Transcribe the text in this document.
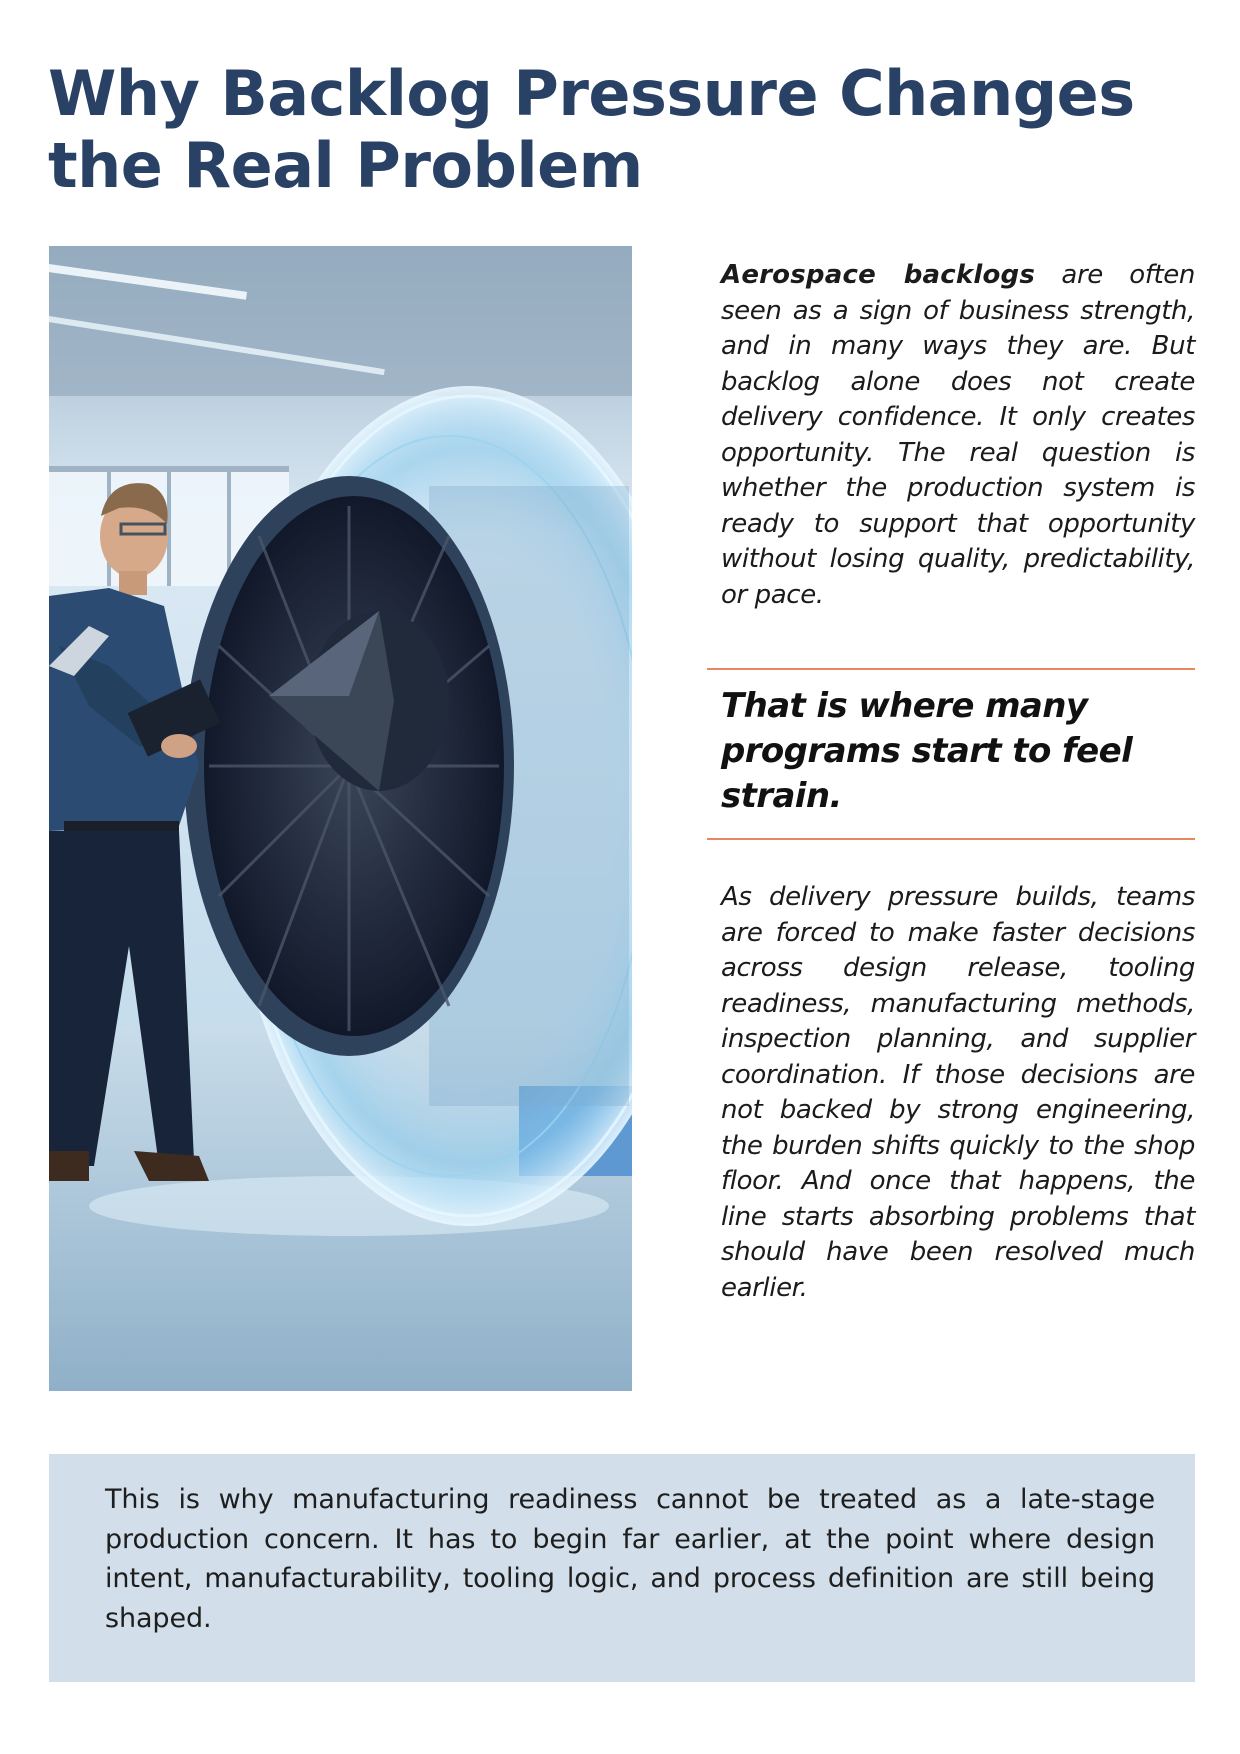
Why Backlog Pressure Changes
the Real Problem

Aerospace backlogs are often seen as a sign of business strength, and in many ways they are. But backlog alone does not create delivery confidence. It only creates opportunity. The real question is whether the production system is ready to support that opportunity without losing quality, predictability, or pace.

That is where many
programs start to feel
strain.

As delivery pressure builds, teams are forced to make faster decisions across design release, tooling readiness, manufacturing methods, inspection planning, and supplier coordination. If those decisions are not backed by strong engineering, the burden shifts quickly to the shop floor. And once that happens, the line starts absorbing problems that should have been resolved much earlier.

This is why manufacturing readiness cannot be treated as a late-stage production concern. It has to begin far earlier, at the point where design intent, manufacturability, tooling logic, and process definition are still being shaped.
